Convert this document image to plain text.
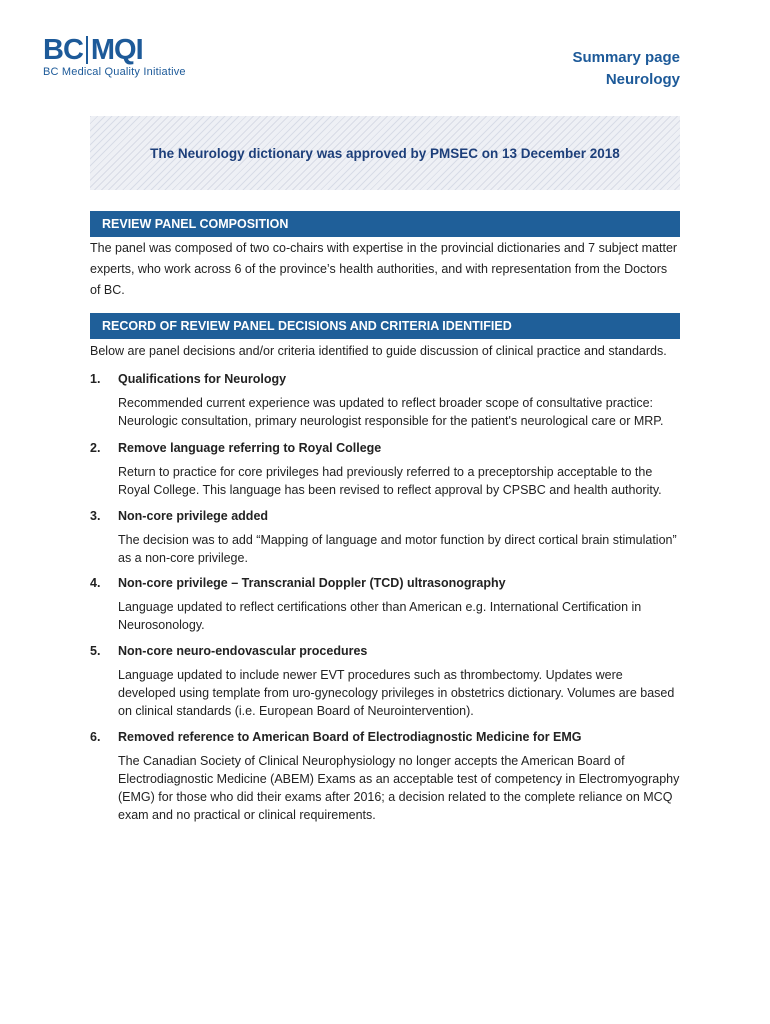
BC MQI
BC Medical Quality Initiative
Summary page
Neurology
The Neurology dictionary was approved by PMSEC on 13 December 2018
REVIEW PANEL COMPOSITION
The panel was composed of two co-chairs with expertise in the provincial dictionaries and 7 subject matter experts, who work across 6 of the province’s health authorities, and with representation from the Doctors of BC.
RECORD OF REVIEW PANEL DECISIONS AND CRITERIA IDENTIFIED
Below are panel decisions and/or criteria identified to guide discussion of clinical practice and standards.
1.	Qualifications for Neurology
Recommended current experience was updated to reflect broader scope of consultative practice: Neurologic consultation, primary neurologist responsible for the patient's neurological care or MRP.
2.	Remove language referring to Royal College
Return to practice for core privileges had previously referred to a preceptorship acceptable to the Royal College. This language has been revised to reflect approval by CPSBC and health authority.
3.	Non-core privilege added
The decision was to add “Mapping of language and motor function by direct cortical brain stimulation” as a non-core privilege.
4.	Non-core privilege – Transcranial Doppler (TCD) ultrasonography
Language updated to reflect certifications other than American e.g. International Certification in Neurosonology.
5.	Non-core neuro-endovascular procedures
Language updated to include newer EVT procedures such as thrombectomy. Updates were developed using template from uro-gynecology privileges in obstetrics dictionary. Volumes are based on clinical standards (i.e. European Board of Neurointervention).
6.	Removed reference to American Board of Electrodiagnostic Medicine for EMG
The Canadian Society of Clinical Neurophysiology no longer accepts the American Board of Electrodiagnostic Medicine (ABEM) Exams as an acceptable test of competency in Electromyography (EMG) for those who did their exams after 2016; a decision related to the complete reliance on MCQ exam and no practical or clinical requirements.
